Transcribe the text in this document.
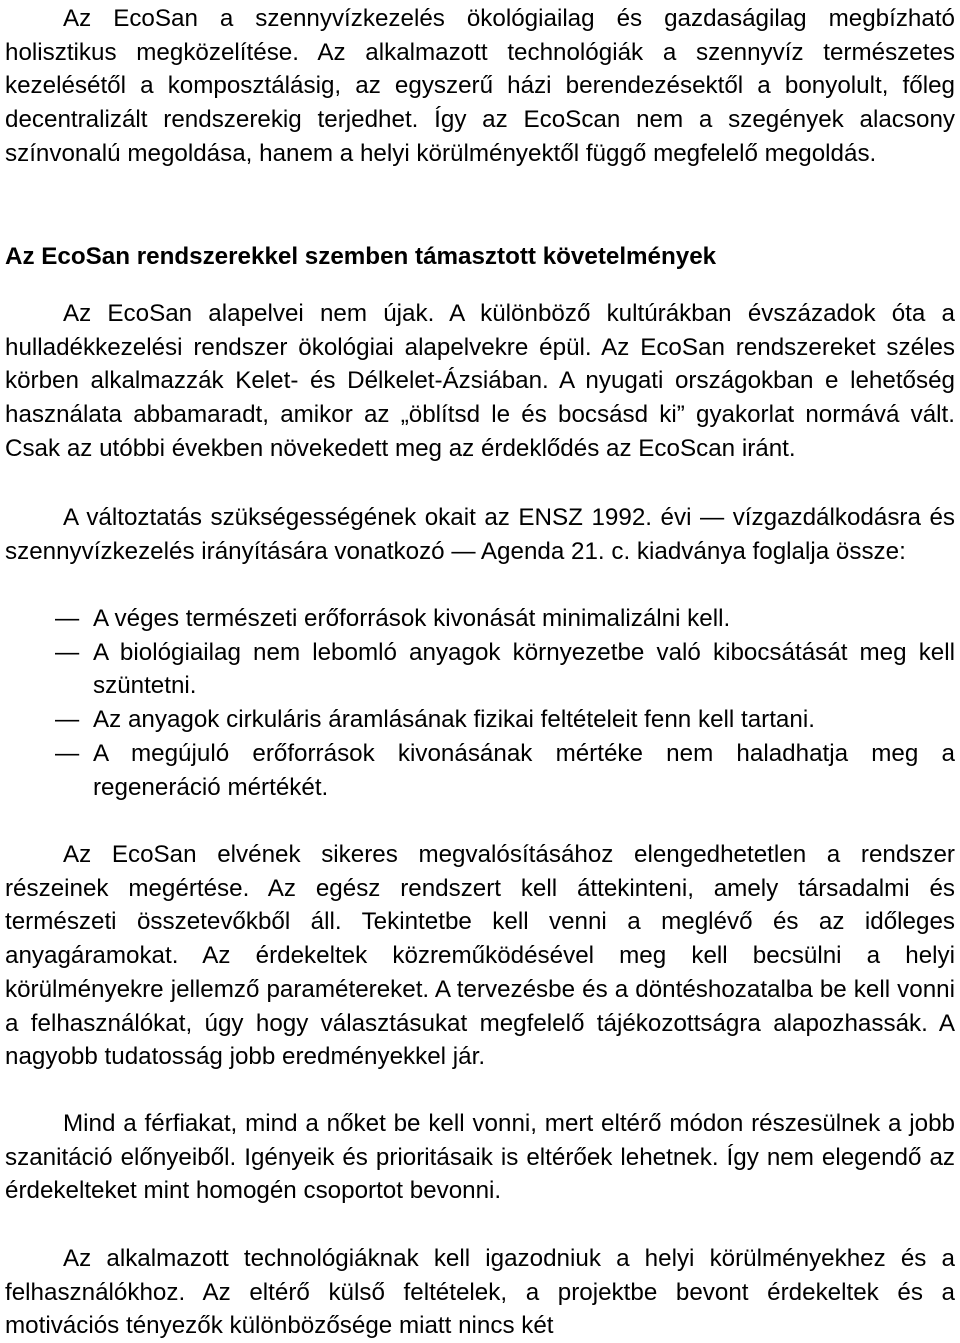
Az EcoSan a szennyvízkezelés ökológiailag és gazdaságilag megbízható holisztikus megközelítése. Az alkalmazott technológiák a szennyvíz természetes kezelésétől a komposztálásig, az egyszerű házi berendezésektől a bonyolult, főleg decentralizált rendszerekig terjedhet. Így az EcoScan nem a szegények alacsony színvonalú megoldása, hanem a helyi körülményektől függő megfelelő megoldás.

Az EcoSan rendszerekkel szemben támasztott követelmények

Az EcoSan alapelvei nem újak. A különböző kultúrákban évszázadok óta a hulladékkezelési rendszer ökológiai alapelvekre épül. Az EcoSan rendszereket széles körben alkalmazzák Kelet- és Délkelet-Ázsiában. A nyugati országokban e lehetőség használata abbamaradt, amikor az „öblítsd le és bocsásd ki” gyakorlat normává vált. Csak az utóbbi években növekedett meg az érdeklődés az EcoScan iránt.

A változtatás szükségességének okait az ENSZ 1992. évi — vízgazdálkodásra és szennyvízkezelés irányítására vonatkozó — Agenda 21. c. kiadványa foglalja össze:

— A véges természeti erőforrások kivonását minimalizálni kell.
— A biológiailag nem lebomló anyagok környezetbe való kibocsátását meg kell szüntetni.
— Az anyagok cirkuláris áramlásának fizikai feltételeit fenn kell tartani.
— A megújuló erőforrások kivonásának mértéke nem haladhatja meg a regeneráció mértékét.

Az EcoSan elvének sikeres megvalósításához elengedhetetlen a rendszer részeinek megértése. Az egész rendszert kell áttekinteni, amely társadalmi és természeti összetevőkből áll. Tekintetbe kell venni a meglévő és az időleges anyagáramokat. Az érdekeltek közreműködésével meg kell becsülni a helyi körülményekre jellemző paramétereket. A tervezésbe és a döntéshozatalba be kell vonni a felhasználókat, úgy hogy választásukat megfelelő tájékozottságra alapozhassák. A nagyobb tudatosság jobb eredményekkel jár.

Mind a férfiakat, mind a nőket be kell vonni, mert eltérő módon részesülnek a jobb szanitáció előnyeiből. Igényeik és prioritásaik is eltérőek lehetnek. Így nem elegendő az érdekelteket mint homogén csoportot bevonni.

Az alkalmazott technológiáknak kell igazodniuk a helyi körülményekhez és a felhasználókhoz. Az eltérő külső feltételek, a projektbe bevont érdekeltek és a motivációs tényezők különbözősége miatt nincs két
